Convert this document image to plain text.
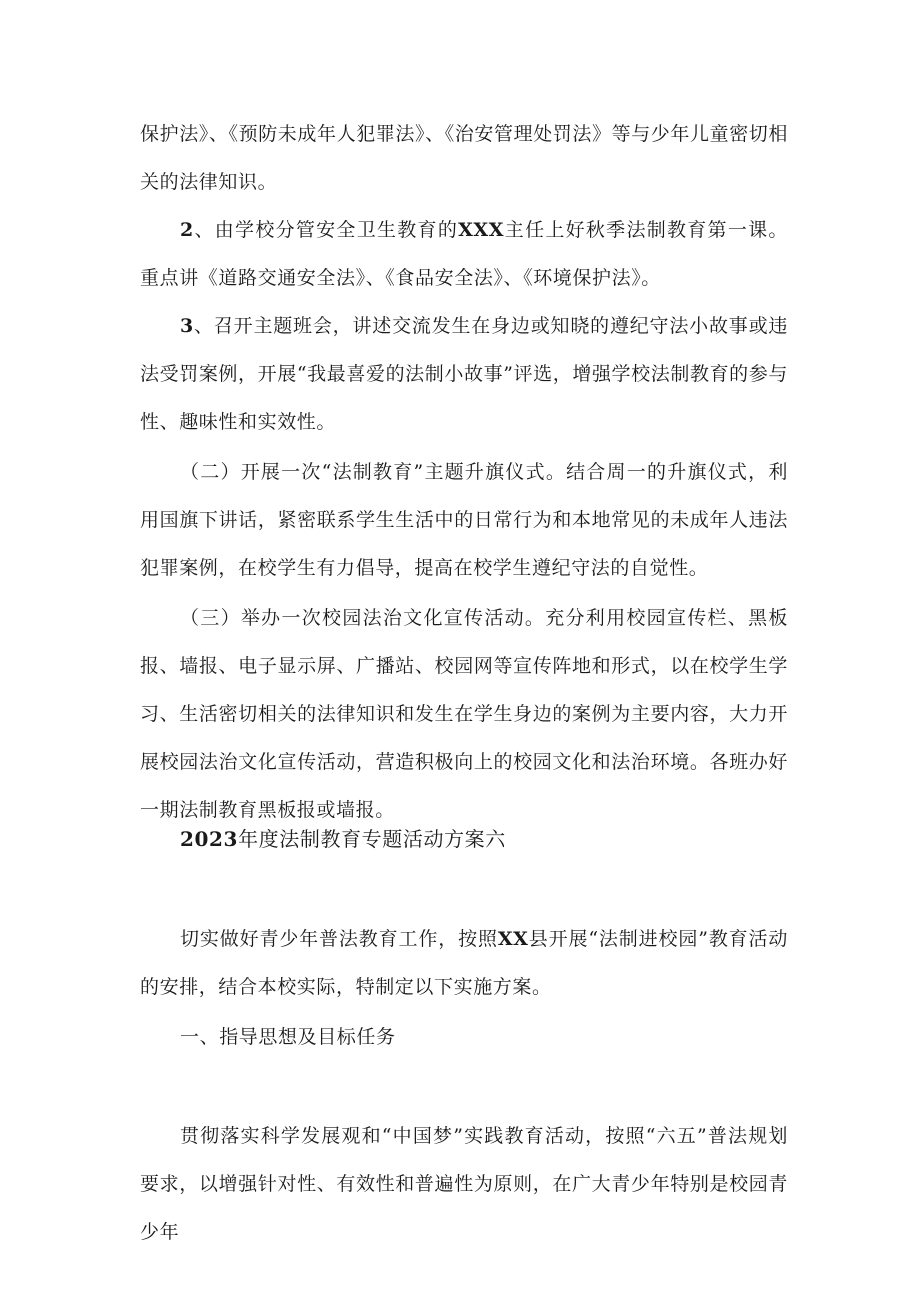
保护法》、《预防未成年人犯罪法》、《治安管理处罚法》等与少年儿童密切相关的法律知识。

2、由学校分管安全卫生教育的XXX主任上好秋季法制教育第一课。重点讲《道路交通安全法》、《食品安全法》、《环境保护法》。

3、召开主题班会，讲述交流发生在身边或知晓的遵纪守法小故事或违法受罚案例，开展“我最喜爱的法制小故事”评选，增强学校法制教育的参与性、趣味性和实效性。

（二）开展一次“法制教育”主题升旗仪式。结合周一的升旗仪式，利用国旗下讲话，紧密联系学生生活中的日常行为和本地常见的未成年人违法犯罪案例，在校学生有力倡导，提高在校学生遵纪守法的自觉性。

（三）举办一次校园法治文化宣传活动。充分利用校园宣传栏、黑板报、墙报、电子显示屏、广播站、校园网等宣传阵地和形式，以在校学生学习、生活密切相关的法律知识和发生在学生身边的案例为主要内容，大力开展校园法治文化宣传活动，营造积极向上的校园文化和法治环境。各班办好一期法制教育黑板报或墙报。

2023年度法制教育专题活动方案六

切实做好青少年普法教育工作，按照XX县开展“法制进校园”教育活动的安排，结合本校实际，特制定以下实施方案。

一、指导思想及目标任务

贯彻落实科学发展观和“中国梦”实践教育活动，按照“六五”普法规划要求，以增强针对性、有效性和普遍性为原则，在广大青少年特别是校园青少年
